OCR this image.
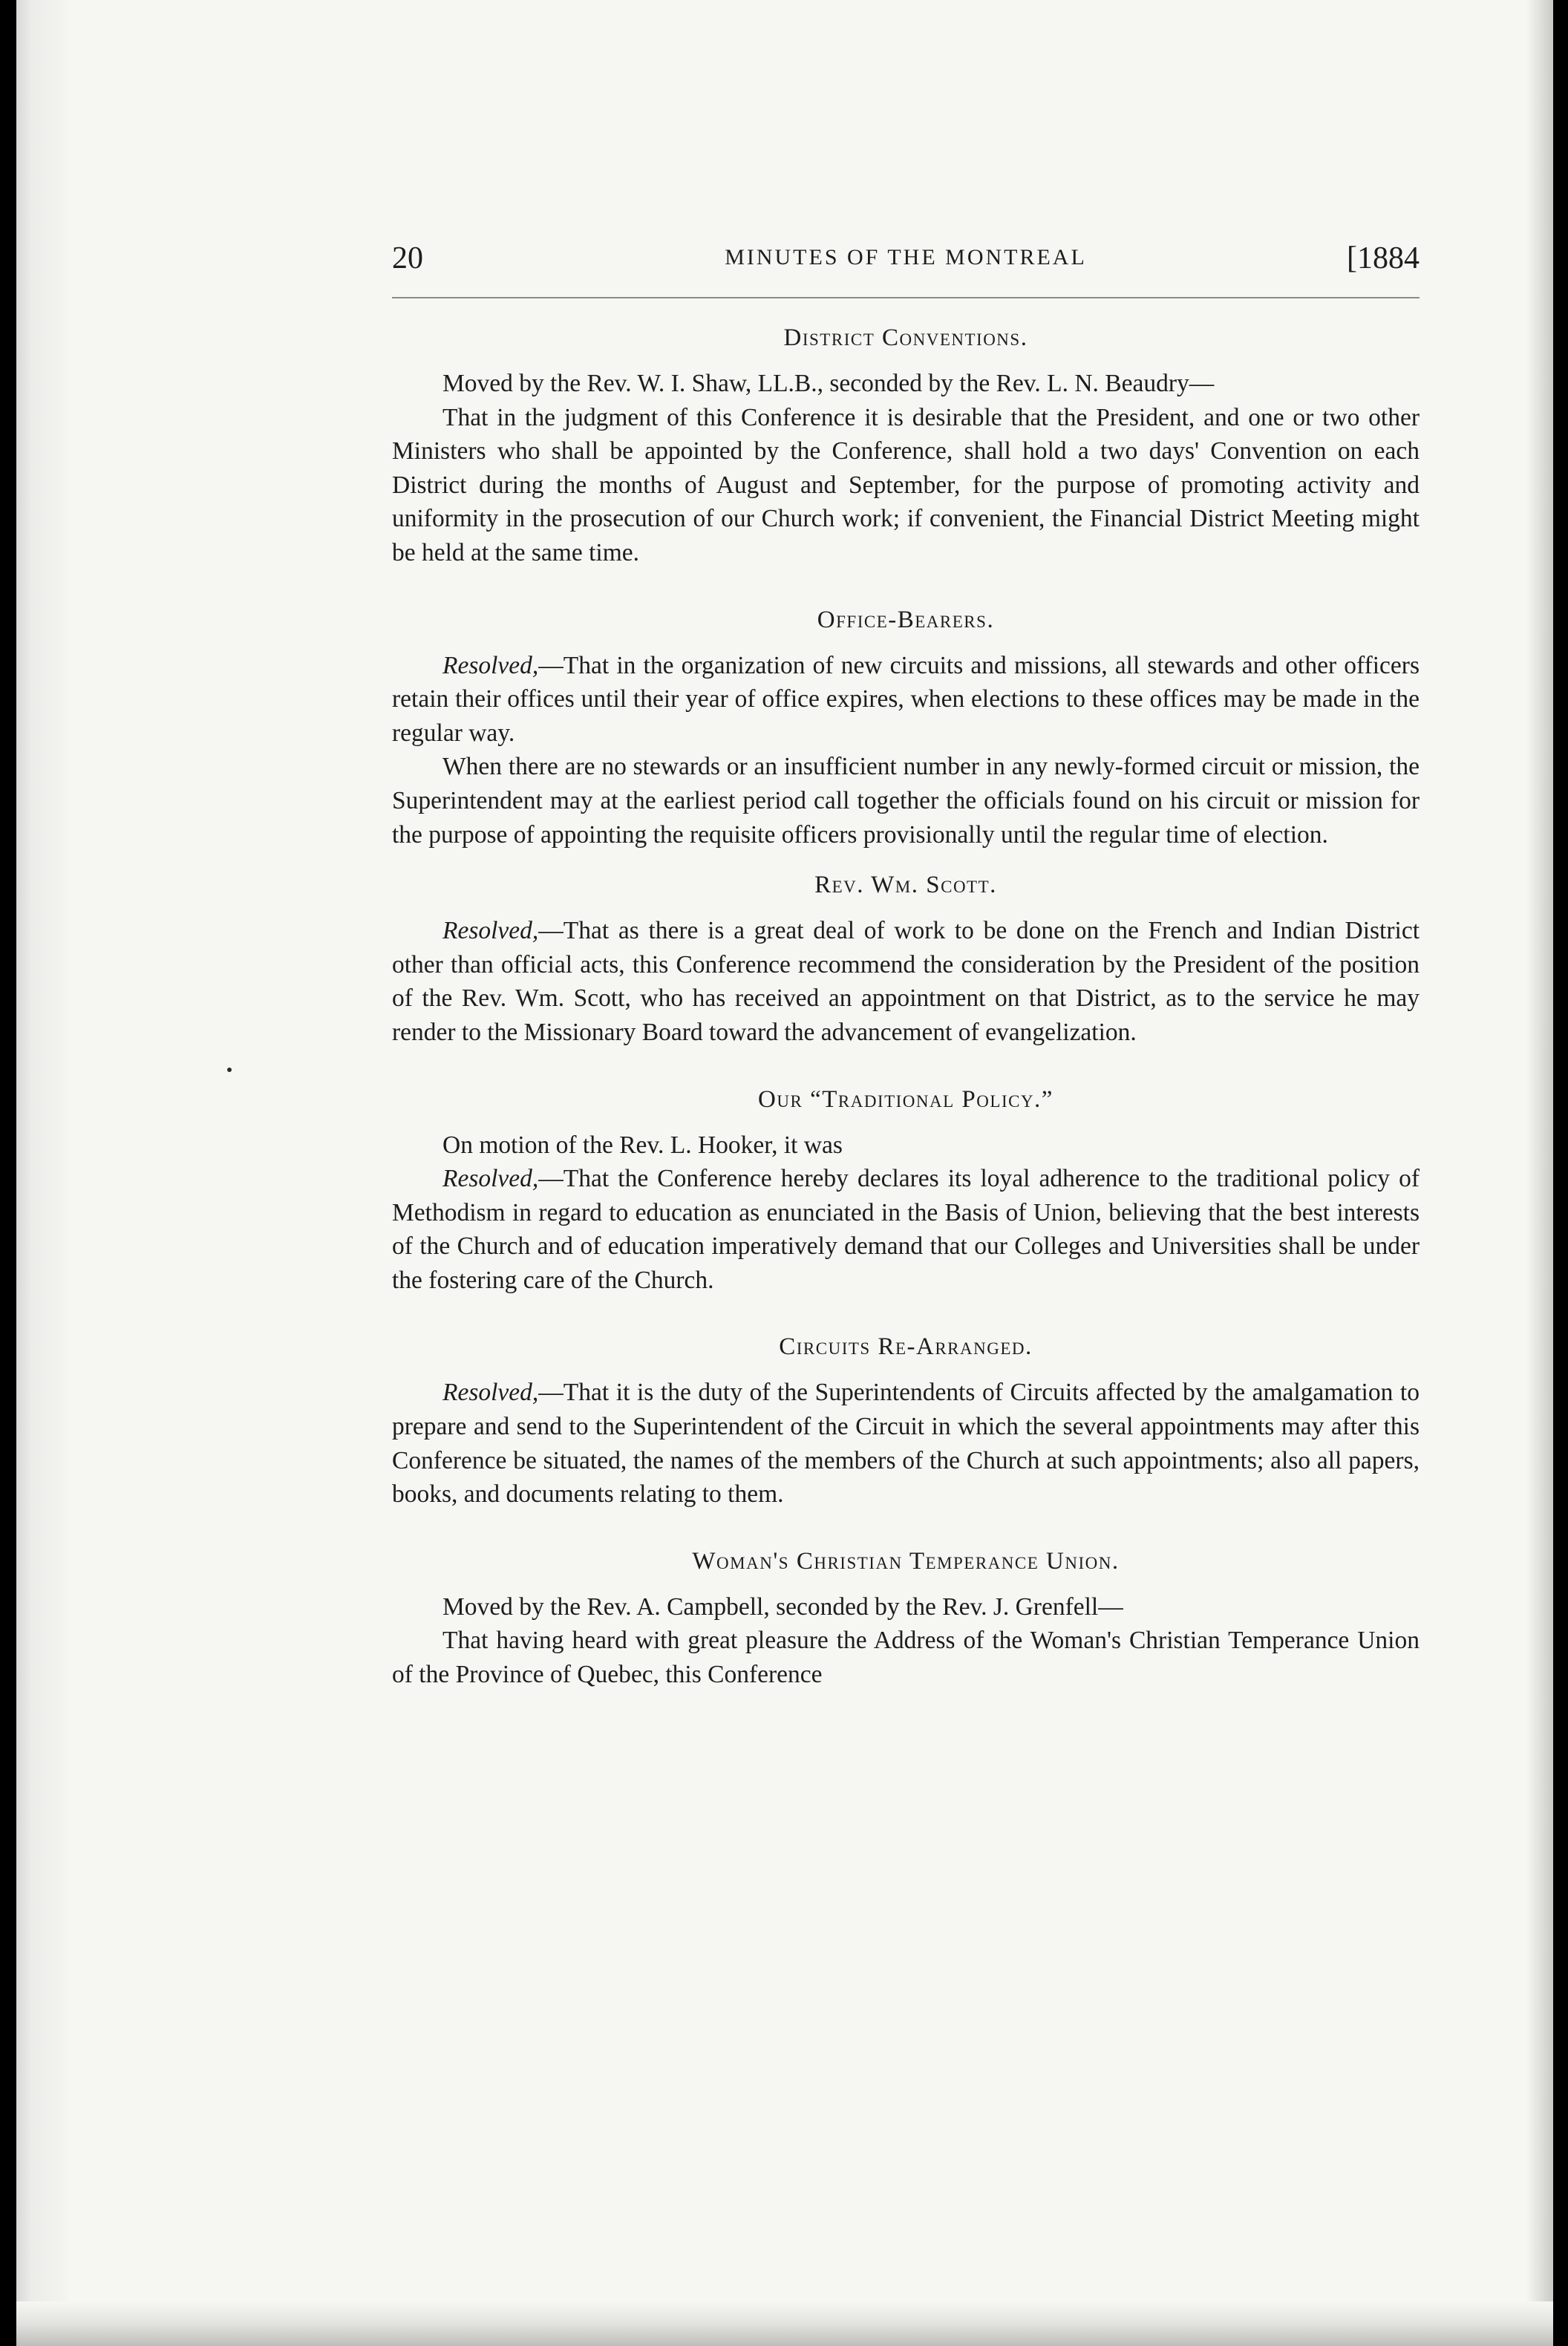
20	MINUTES OF THE MONTREAL	[1884
District Conventions.

Moved by the Rev. W. I. Shaw, LL.B., seconded by the Rev. L. N. Beaudry—

That in the judgment of this Conference it is desirable that the President, and one or two other Ministers who shall be appointed by the Conference, shall hold a two days' Convention on each District during the months of August and September, for the purpose of promoting activity and uniformity in the prosecution of our Church work; if convenient, the Financial District Meeting might be held at the same time.

Office-Bearers.

Resolved,—That in the organization of new circuits and missions, all stewards and other officers retain their offices until their year of office expires, when elections to these offices may be made in the regular way.

When there are no stewards or an insufficient number in any newly-formed circuit or mission, the Superintendent may at the earliest period call together the officials found on his circuit or mission for the purpose of appointing the requisite officers provisionally until the regular time of election.

Rev. Wm. Scott.

Resolved,—That as there is a great deal of work to be done on the French and Indian District other than official acts, this Conference recommend the consideration by the President of the position of the Rev. Wm. Scott, who has received an appointment on that District, as to the service he may render to the Missionary Board toward the advancement of evangelization.

Our “Traditional Policy.”

On motion of the Rev. L. Hooker, it was

Resolved,—That the Conference hereby declares its loyal adherence to the traditional policy of Methodism in regard to education as enunciated in the Basis of Union, believing that the best interests of the Church and of education imperatively demand that our Colleges and Universities shall be under the fostering care of the Church.

Circuits Re-Arranged.

Resolved,—That it is the duty of the Superintendents of Circuits affected by the amalgamation to prepare and send to the Superintendent of the Circuit in which the several appointments may after this Conference be situated, the names of the members of the Church at such appointments; also all papers, books, and documents relating to them.

Woman's Christian Temperance Union.

Moved by the Rev. A. Campbell, seconded by the Rev. J. Grenfell—

That having heard with great pleasure the Address of the Woman's Christian Temperance Union of the Province of Quebec, this Conference
